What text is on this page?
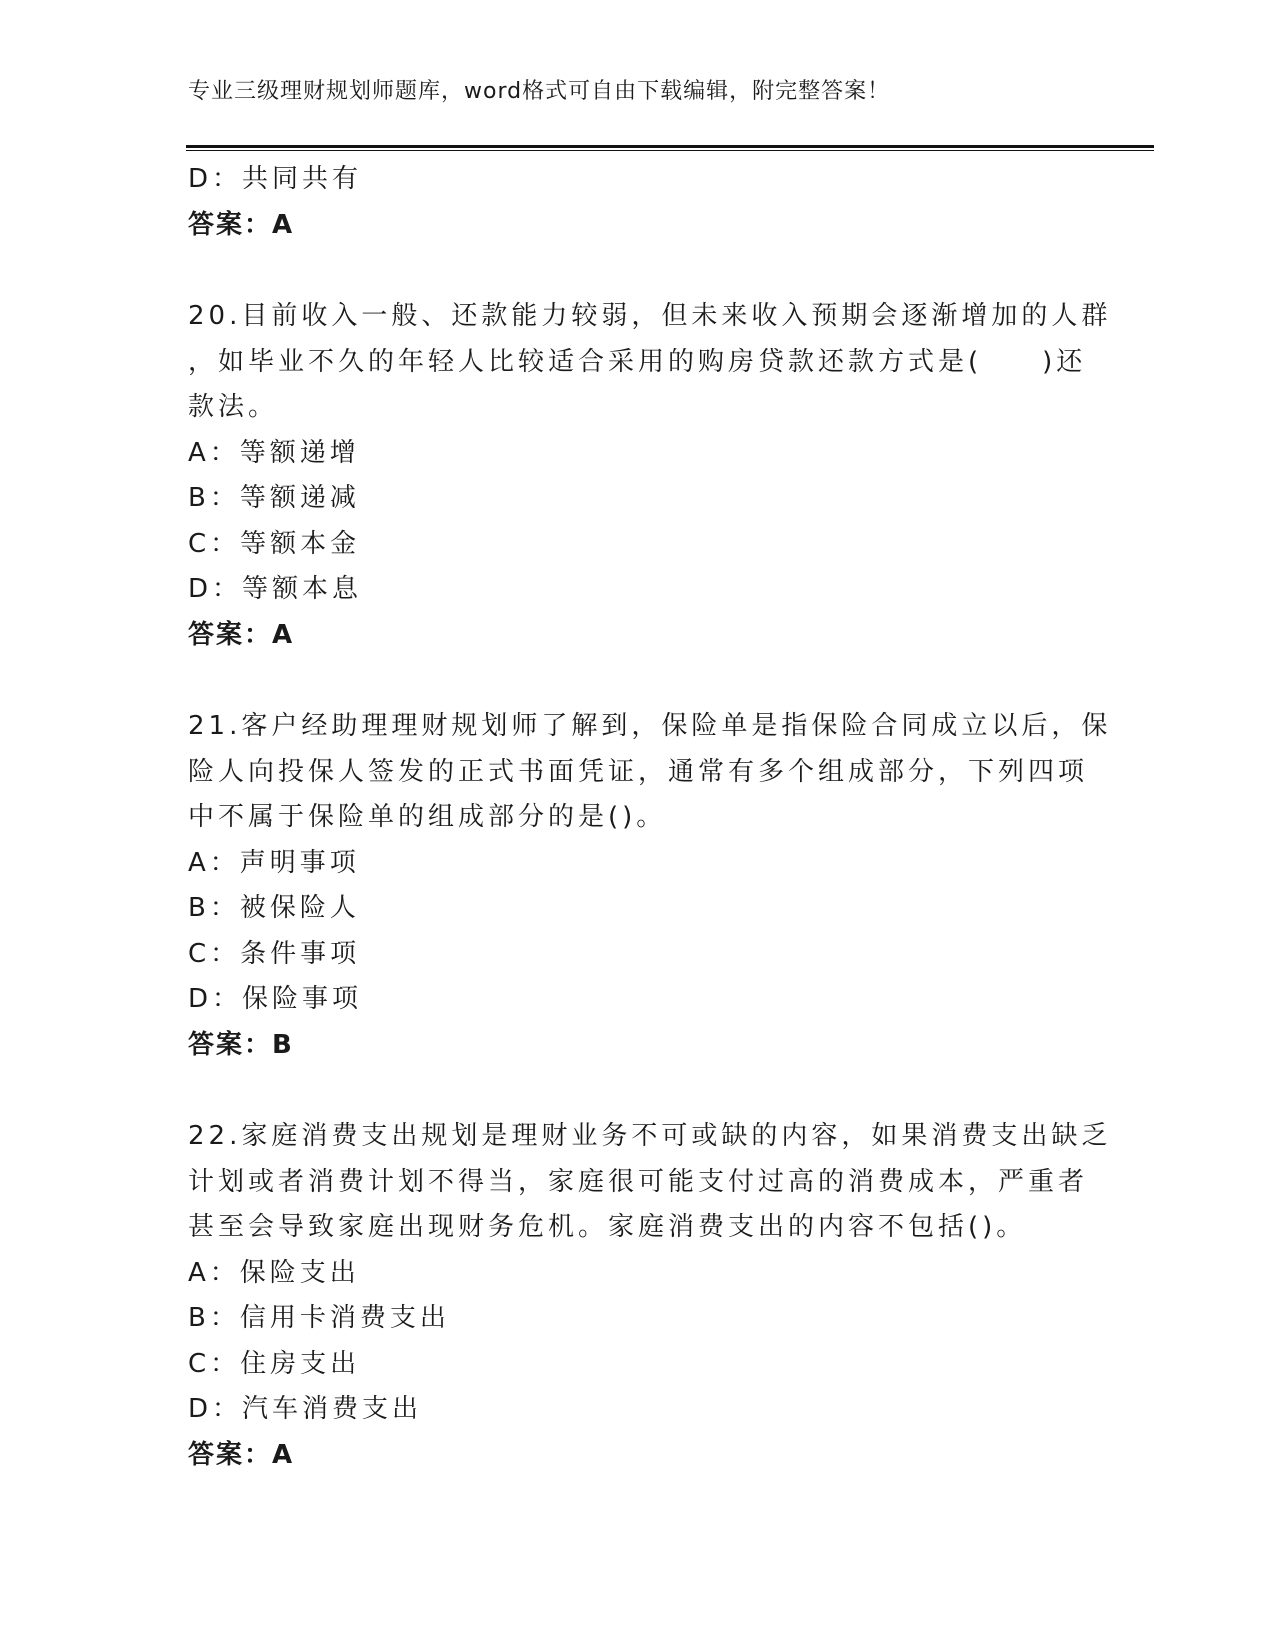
专业三级理财规划师题库，word格式可自由下载编辑，附完整答案！
D：共同共有
答案：A
20.目前收入一般、还款能力较弱，但未来收入预期会逐渐增加的人群
，如毕业不久的年轻人比较适合采用的购房贷款还款方式是(　　)还
款法。
A：等额递增
B：等额递减
C：等额本金
D：等额本息
答案：A
21.客户经助理理财规划师了解到，保险单是指保险合同成立以后，保
险人向投保人签发的正式书面凭证，通常有多个组成部分，下列四项
中不属于保险单的组成部分的是()。
A：声明事项
B：被保险人
C：条件事项
D：保险事项
答案：B
22.家庭消费支出规划是理财业务不可或缺的内容，如果消费支出缺乏
计划或者消费计划不得当，家庭很可能支付过高的消费成本，严重者
甚至会导致家庭出现财务危机。家庭消费支出的内容不包括()。
A：保险支出
B：信用卡消费支出
C：住房支出
D：汽车消费支出
答案：A
